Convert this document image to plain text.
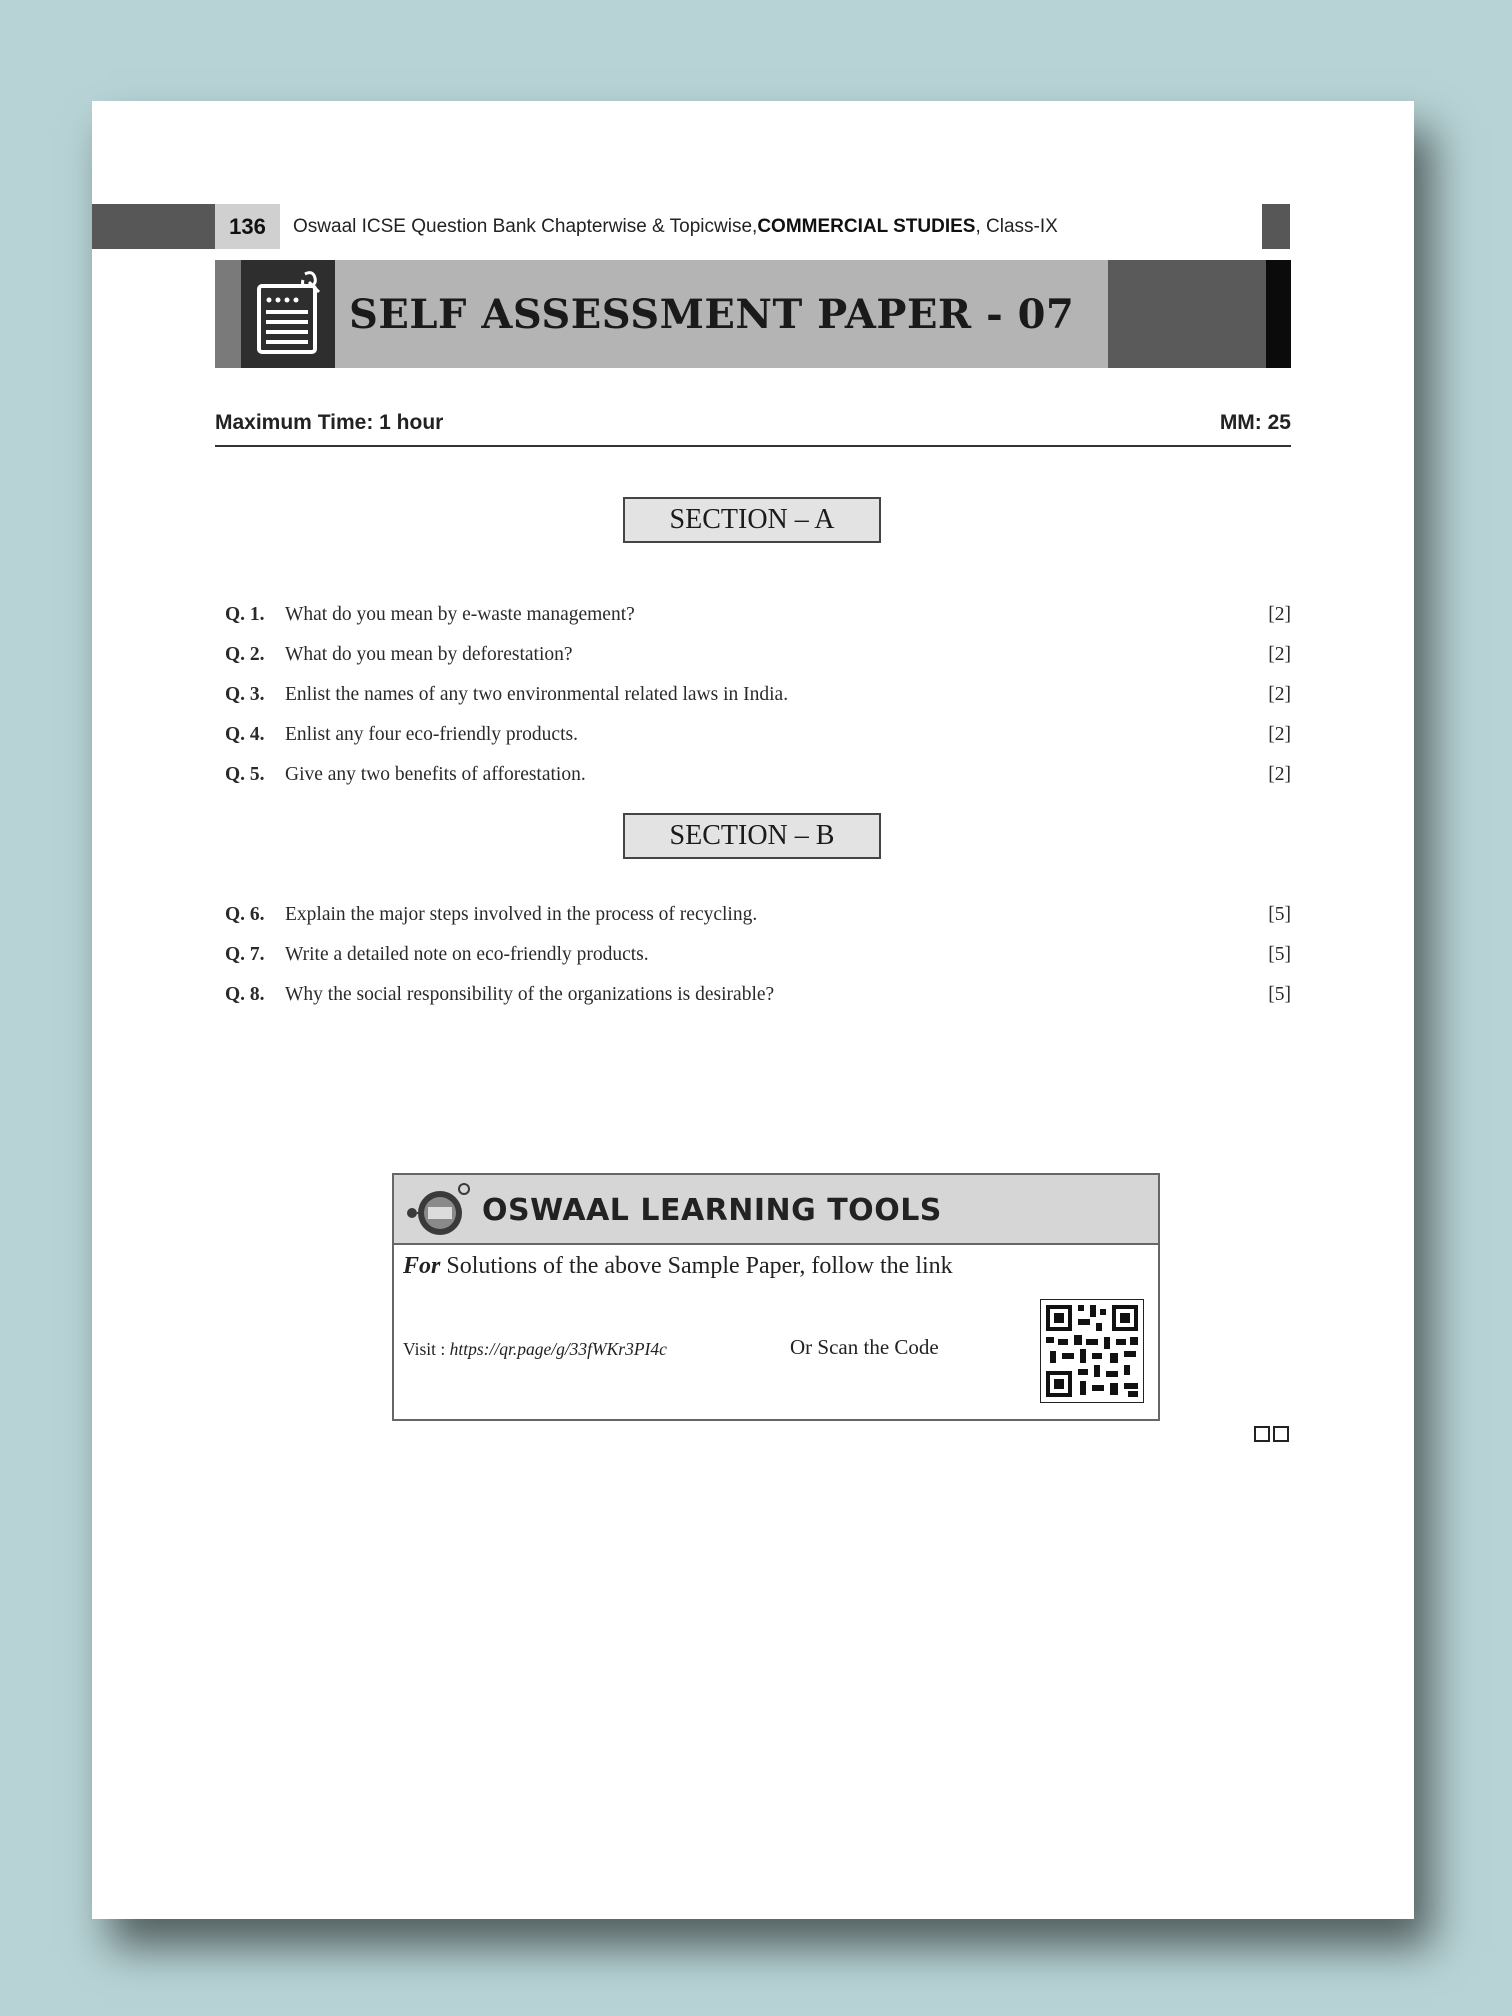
136	Oswaal ICSE Question Bank Chapterwise & Topicwise, COMMERCIAL STUDIES , Class-IX
SELF ASSESSMENT PAPER - 07
Maximum Time: 1 hour	MM: 25
SECTION – A
Q. 1.	What do you mean by e-waste management?	[2]
Q. 2.	What do you mean by deforestation?	[2]
Q. 3.	Enlist the names of any two environmental related laws in India.	[2]
Q. 4.	Enlist any four eco-friendly products.	[2]
Q. 5.	Give any two benefits of afforestation.	[2]
SECTION – B
Q. 6.	Explain the major steps involved in the process of recycling.	[5]
Q. 7.	Write a detailed note on eco-friendly products.	[5]
Q. 8.	Why the social responsibility of the organizations is desirable?	[5]
OSWAAL LEARNING TOOLS
For Solutions of the above Sample Paper, follow the link
Visit : https://qr.page/g/33fWKr3PI4c	Or Scan the Code
